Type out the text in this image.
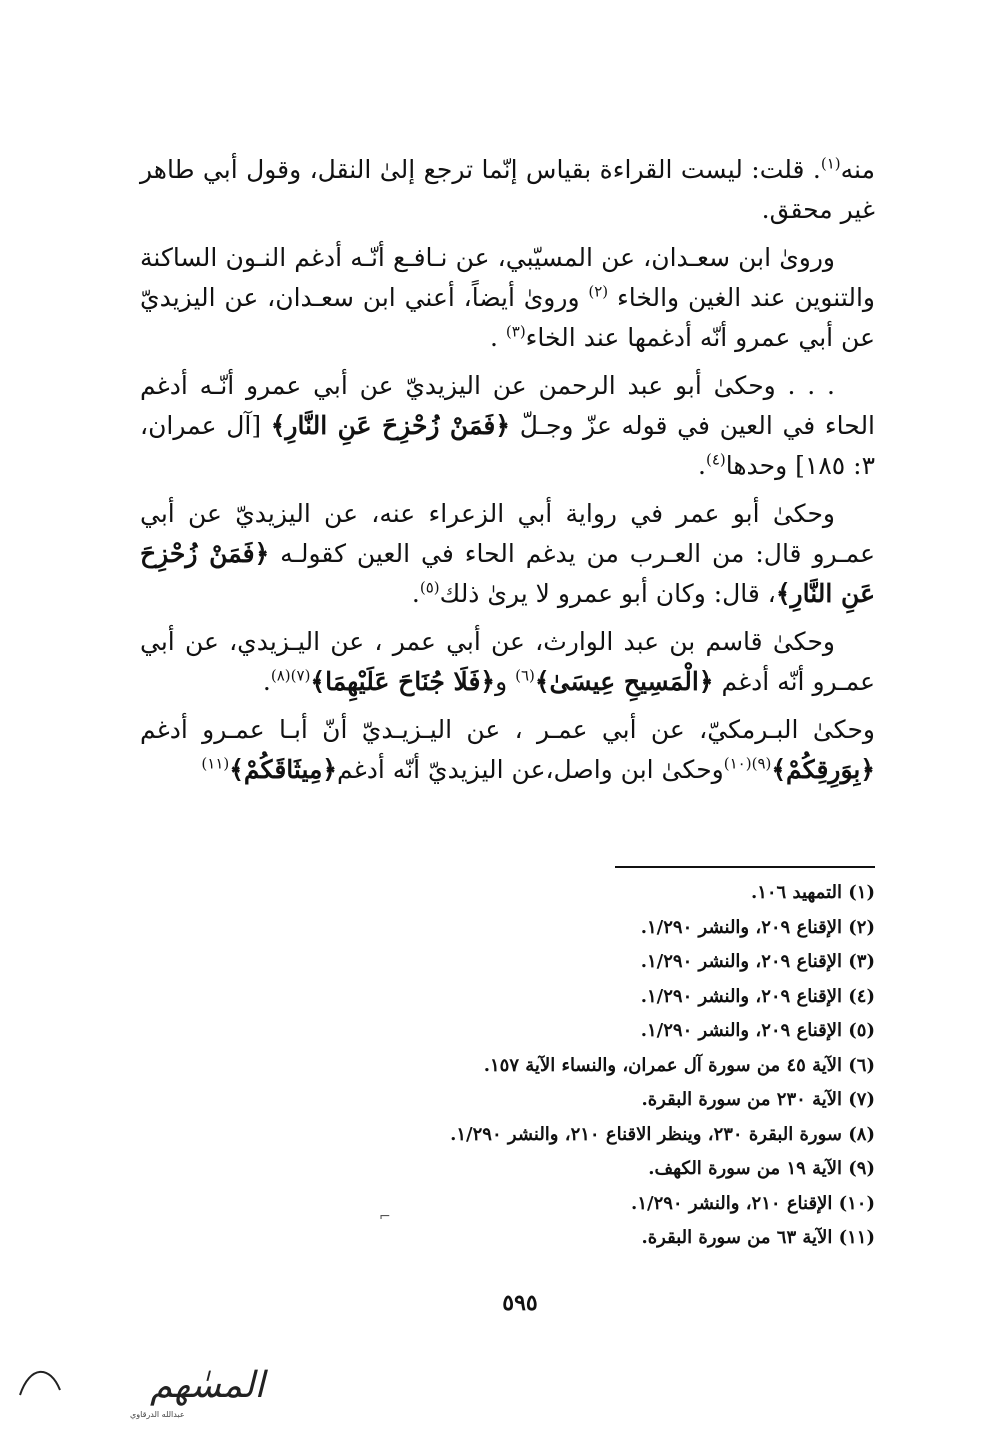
منه$^{(١)}$. قلت: ليست القراءة بقياس إنّما ترجع إلىٰ النقل، وقول أبي طاهر غير محقق.

ورویٰ ابن سعـدان، عن المسيّبي، عن نـافـع أنّـه أدغم النـون الساكنة والتنوين عند الغين والخاء $^{(٢)}$ ورویٰ أيضاً، أعني ابن سعـدان، عن اليزيديّ عن أبي عمرو أنّه أدغمها عند الخاء$^{(٣)}$ .

. . . وحكیٰ أبو عبد الرحمن عن اليزيديّ عن أبي عمرو أنّـه أدغم الحاء في العين في قوله عزّ وجـلّ ﴿فَمَنْ زُحْزِحَ عَنِ النَّارِ﴾ [آل عمران، ٣: ١٨٥] وحدها$^{(٤)}$.

وحكیٰ أبو عمر في رواية أبي الزعراء عنه، عن اليزيديّ عن أبي عمـرو قال: من العـرب من يدغم الحاء في العين كقولـه ﴿فَمَنْ زُحْزِحَ عَنِ النَّارِ﴾، قال: وكان أبو عمرو لا يریٰ ذلك$^{(٥)}$.

وحكیٰ قاسم بن عبد الوارث، عن أبي عمر ، عن اليـزيدي، عن أبي عمـرو أنّه أدغم ﴿الْمَسِيحِ عِيسَىٰ﴾$^{(٦)}$ و﴿فَلَا جُنَاحَ عَلَيْهِمَا﴾$^{(٧)(٨)}$.

وحكیٰ البـرمكيّ، عن أبي عمـر ، عن اليـزيـديّ أنّ أبـا عمـرو أدغم ﴿بِوَرِقِكُمْ﴾$^{(٩)(١٠)}$وحكیٰ ابن واصل،عن اليزيديّ أنّه أدغم﴿مِيثَاقَكُمْ﴾$^{(١١)}$

⌐
(١) التمهيد ١٠٦.
(٢) الإقناع ٢٠٩، والنشر ١/٢٩٠.
(٣) الإقناع ٢٠٩، والنشر ١/٢٩٠.
(٤) الإقناع ٢٠٩، والنشر ١/٢٩٠.
(٥) الإقناع ٢٠٩، والنشر ١/٢٩٠.
(٦) الآية ٤٥ من سورة آل عمران، والنساء الآية ١٥٧.
(٧) الآية ٢٣٠ من سورة البقرة.
(٨) سورة البقرة ٢٣٠، وينظر الاقناع ٢١٠، والنشر ١/٢٩٠.
(٩) الآية ١٩ من سورة الكهف.
(١٠) الإقناع ٢١٠، والنشر ١/٢٩٠.
(١١) الآية ٦٣ من سورة البقرة.
٥٩٥
المسٰهم
عبدالله الدرقاوي
